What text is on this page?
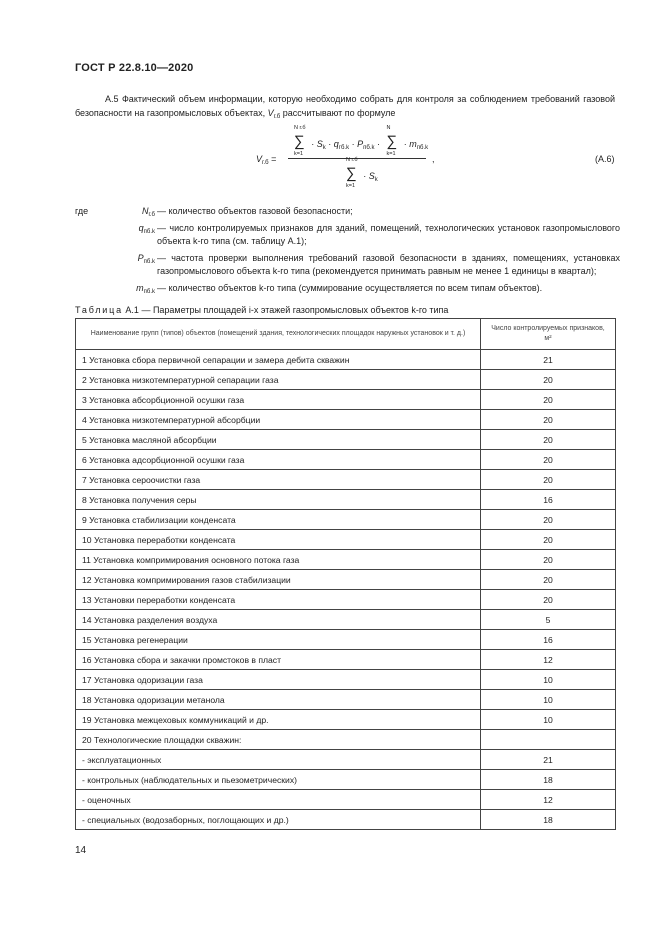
ГОСТ Р 22.8.10—2020
А.5 Фактический объем информации, которую необходимо собрать для контроля за соблюдением требований газовой безопасности на газопромысловых объектах, $V_{г.б}$ рассчитывают по формуле
$V_{г.б}$ =
∑
N г.б
k=1
· $S_k \cdot q_{гб.k} \cdot P_{пб.k}$ · ∑
N
k=1
· $m_{пб.k}$
∑
N г.б
k=1
· $S_k$
,	(А.6)
где	$N_{г.б}$ — количество объектов газовой безопасности;
$q_{пб.k}$ — число контролируемых признаков для зданий, помещений, технологических установок газопромыслового объекта k-го типа (см. таблицу А.1);
$P_{пб.k}$ — частота проверки выполнения требований газовой безопасности в зданиях, помещениях, установках газопромыслового объекта k-го типа (рекомендуется принимать равным не менее 1 единицы в квартал);
$m_{пб.k}$ — количество объектов k-го типа (суммирование осуществляется по всем типам объектов).
Таблица А.1 — Параметры площадей i-х этажей газопромысловых объектов k-го типа
Наименование групп (типов) объектов (помещений здания, технологических площадок наружных установок и т. д.)	Число контролируемых признаков, м²
1 Установка сбора первичной сепарации и замера дебита скважин	21
2 Установка низкотемпературной сепарации газа	20
3 Установка абсорбционной осушки газа	20
4 Установка низкотемпературной абсорбции	20
5 Установка масляной абсорбции	20
6 Установка адсорбционной осушки газа	20
7 Установка сероочистки газа	20
8 Установка получения серы	16
9 Установка стабилизации конденсата	20
10 Установка переработки конденсата	20
11 Установка компримирования основного потока газа	20
12 Установка компримирования газов стабилизации	20
13 Установки переработки конденсата	20
14 Установка разделения воздуха	5
15 Установка регенерации	16
16 Установка сбора и закачки промстоков в пласт	12
17 Установка одоризации газа	10
18 Установка одоризации метанола	10
19 Установка межцеховых коммуникаций и др.	10
20 Технологические площадки скважин:	
- эксплуатационных	21
- контрольных (наблюдательных и пьезометрических)	18
- оценочных	12
- специальных (водозаборных, поглощающих и др.)	18
14
